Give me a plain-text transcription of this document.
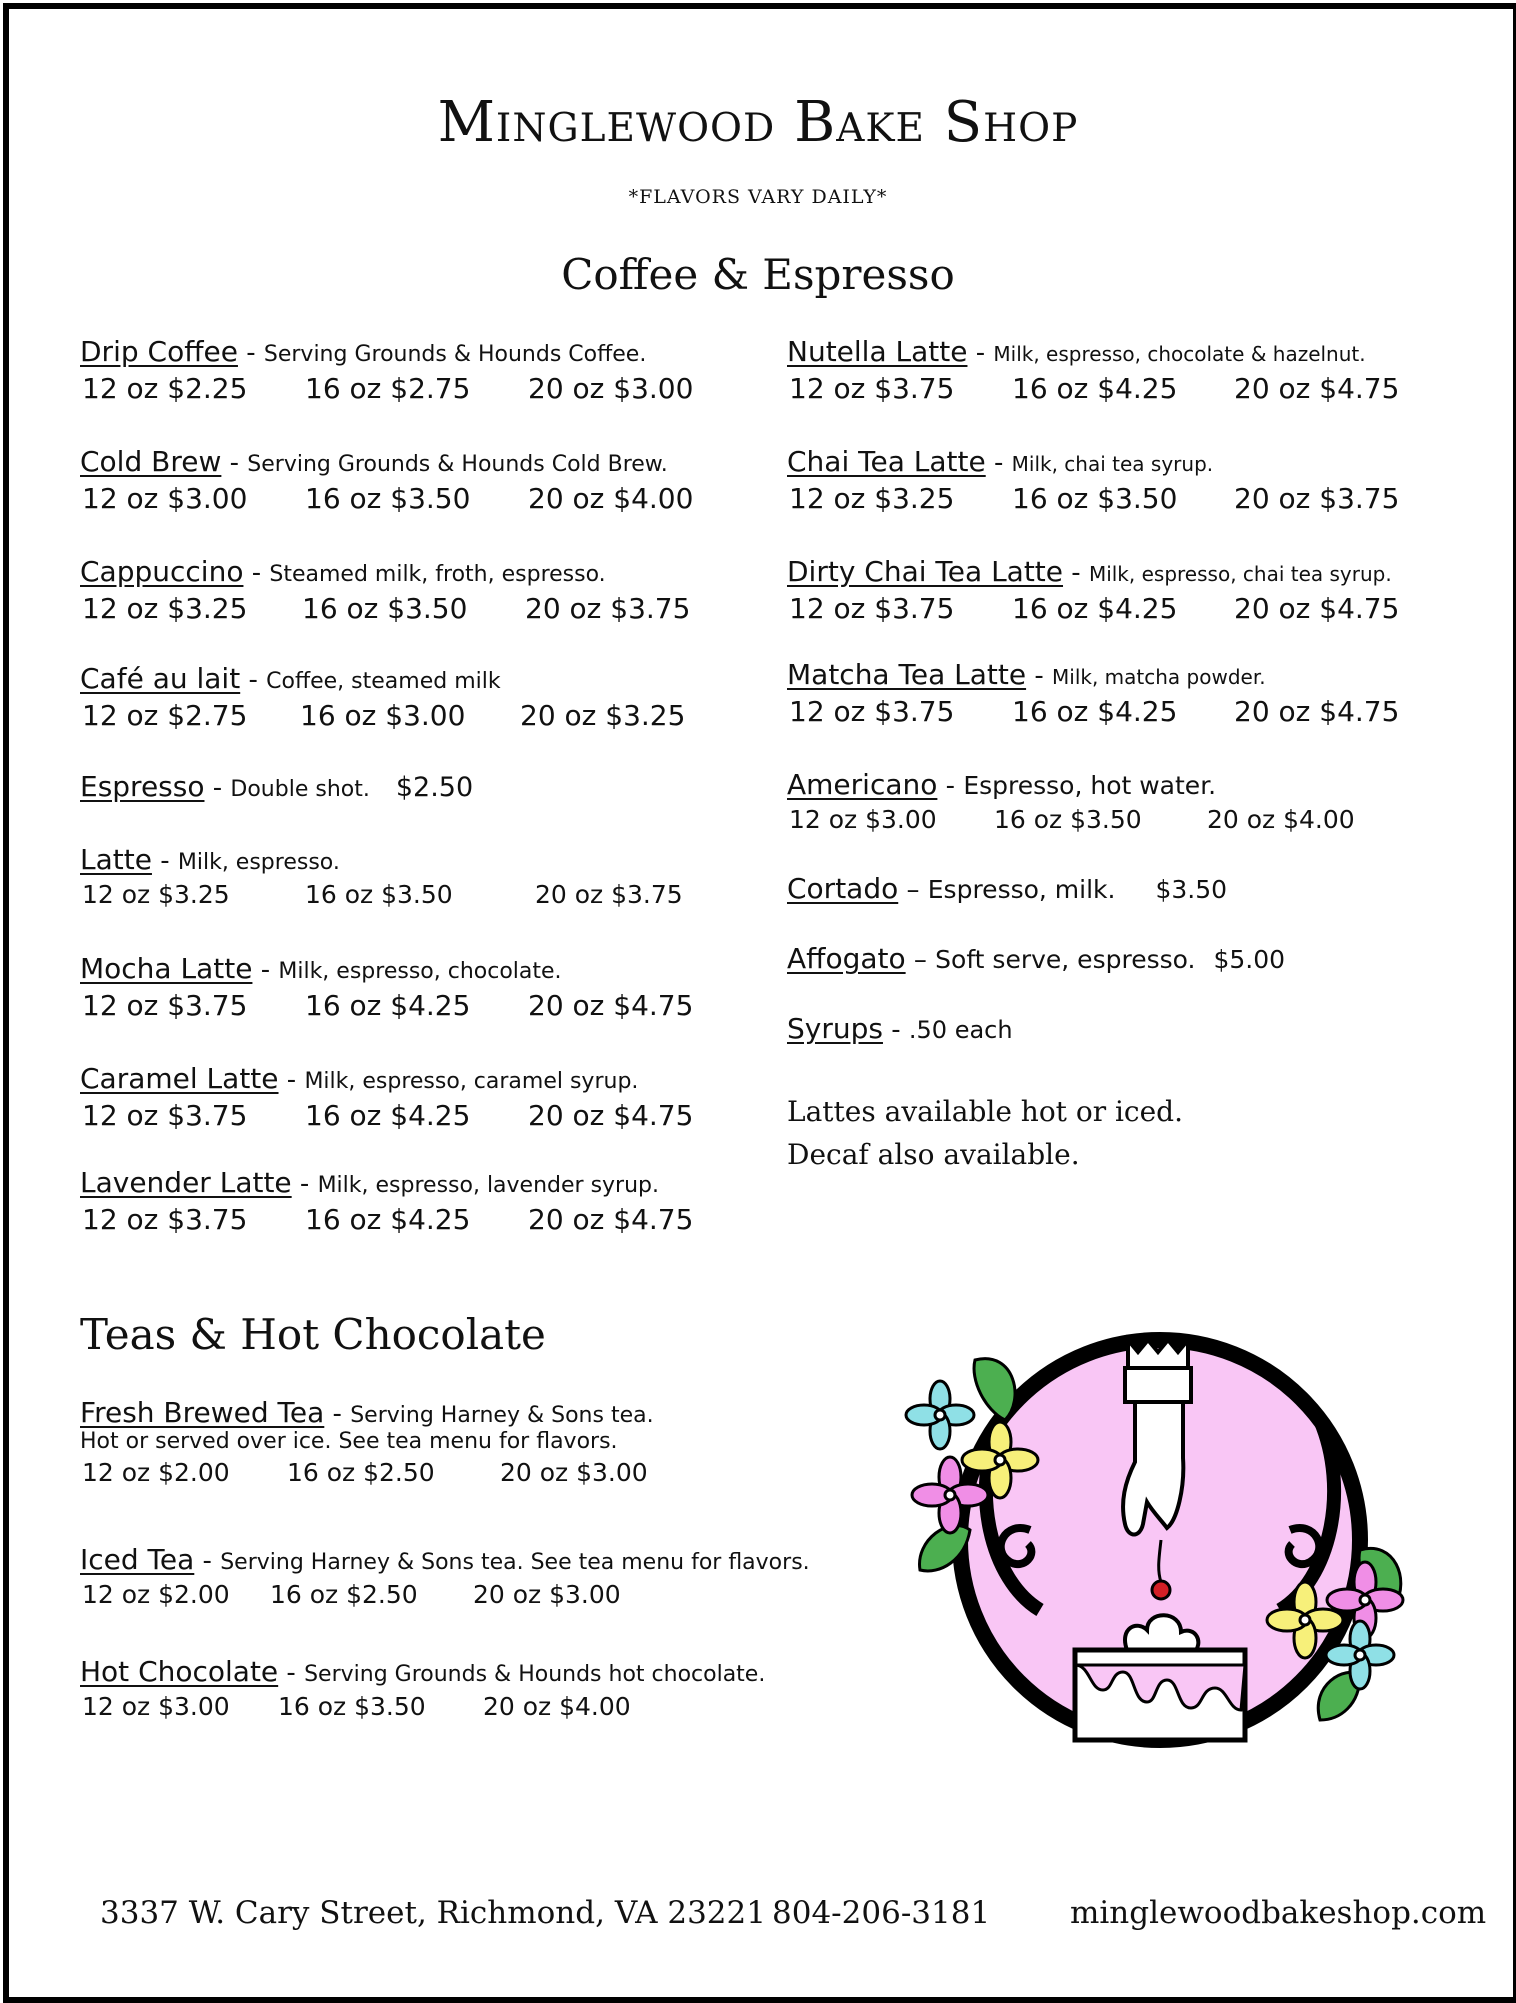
Minglewood Bake Shop
*FLAVORS VARY DAILY*
Coffee & Espresso
Drip Coffee - Serving Grounds & Hounds Coffee.
12 oz $2.25 16 oz $2.75 20 oz $3.00
Cold Brew - Serving Grounds & Hounds Cold Brew.
12 oz $3.00 16 oz $3.50 20 oz $4.00
Cappuccino - Steamed milk, froth, espresso.
12 oz $3.25 16 oz $3.50 20 oz $3.75
Café au lait - Coffee, steamed milk
12 oz $2.75 16 oz $3.00 20 oz $3.25
Espresso - Double shot. $2.50
Latte - Milk, espresso.
12 oz $3.25	16 oz $3.50	20 oz $3.75
Mocha Latte - Milk, espresso, chocolate.
12 oz $3.75 16 oz $4.25 20 oz $4.75
Caramel Latte - Milk, espresso, caramel syrup.
12 oz $3.75 16 oz $4.25 20 oz $4.75
Lavender Latte - Milk, espresso, lavender syrup.
12 oz $3.75 16 oz $4.25 20 oz $4.75
Nutella Latte - Milk, espresso, chocolate & hazelnut.
12 oz $3.75 16 oz $4.25 20 oz $4.75
Chai Tea Latte - Milk, chai tea syrup.
12 oz $3.25 16 oz $3.50 20 oz $3.75
Dirty Chai Tea Latte - Milk, espresso, chai tea syrup.
12 oz $3.75 16 oz $4.25 20 oz $4.75
Matcha Tea Latte - Milk, matcha powder.
12 oz $3.75 16 oz $4.25 20 oz $4.75
Americano - Espresso, hot water.
12 oz $3.00 16 oz $3.50	20 oz $4.00
Cortado – Espresso, milk. $3.50
Affogato – Soft serve, espresso. $5.00
Syrups - .50 each
Lattes available hot or iced.
Decaf also available.
Teas & Hot Chocolate
Fresh Brewed Tea - Serving Harney & Sons tea.
Hot or served over ice. See tea menu for flavors.
12 oz $2.00 16 oz $2.50	20 oz $3.00
Iced Tea - Serving Harney & Sons tea. See tea menu for flavors.
12 oz $2.00 16 oz $2.50 20 oz $3.00
Hot Chocolate - Serving Grounds & Hounds hot chocolate.
12 oz $3.00 16 oz $3.50 20 oz $4.00
3337 W. Cary Street, Richmond, VA 23221 804-206-3181	minglewoodbakeshop.com
